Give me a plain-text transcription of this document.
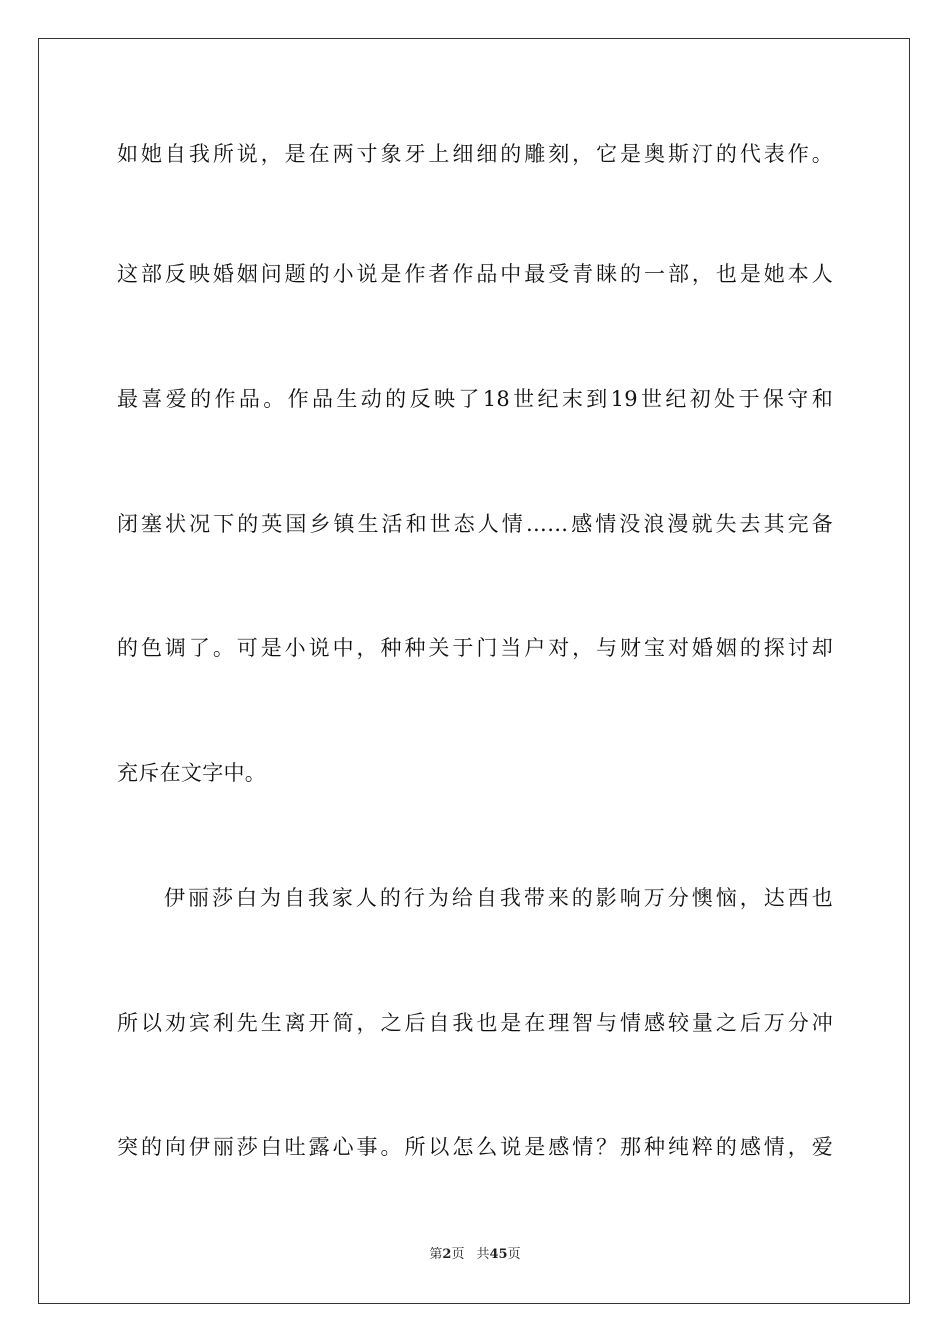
如她自我所说，是在两寸象牙上细细的雕刻，它是奥斯汀的代表作。
这部反映婚姻问题的小说是作者作品中最受青睐的一部，也是她本人
最喜爱的作品。作品生动的反映了18世纪末到19世纪初处于保守和
闭塞状况下的英国乡镇生活和世态人情……感情没浪漫就失去其完备
的色调了。可是小说中，种种关于门当户对，与财宝对婚姻的探讨却
充斥在文字中。
伊丽莎白为自我家人的行为给自我带来的影响万分懊恼，达西也
所以劝宾利先生离开简，之后自我也是在理智与情感较量之后万分冲
突的向伊丽莎白吐露心事。所以怎么说是感情？那种纯粹的感情，爱
第2页 共45页
